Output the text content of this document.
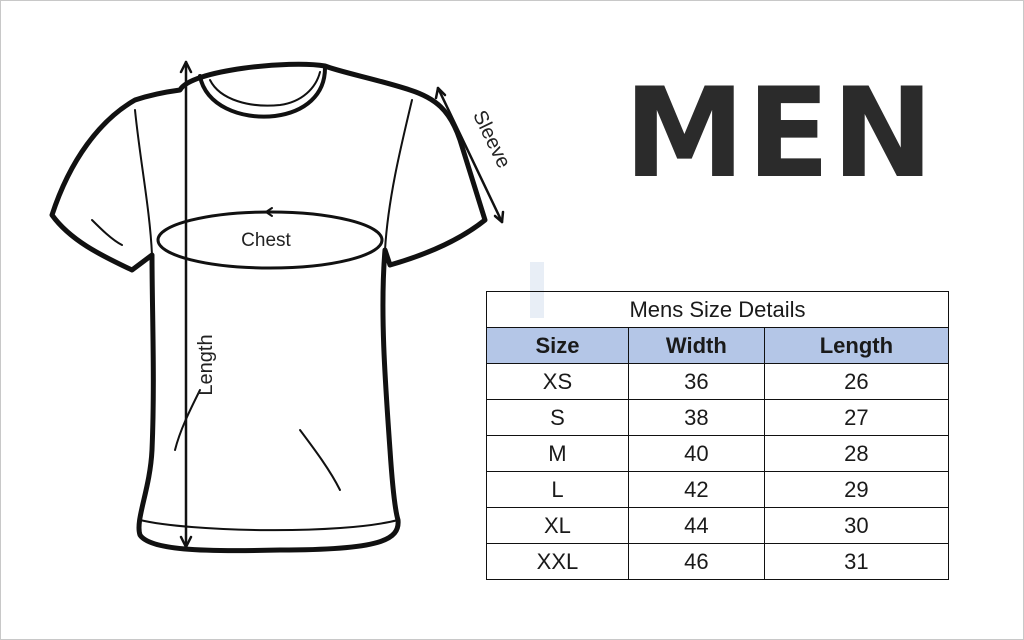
Chest
Length
Sleeve MEN
Mens Size Details		
Size	Width	Length
XS	36	26
S	38	27
M	40	28
L	42	29
XL	44	30
XXL	46	31
